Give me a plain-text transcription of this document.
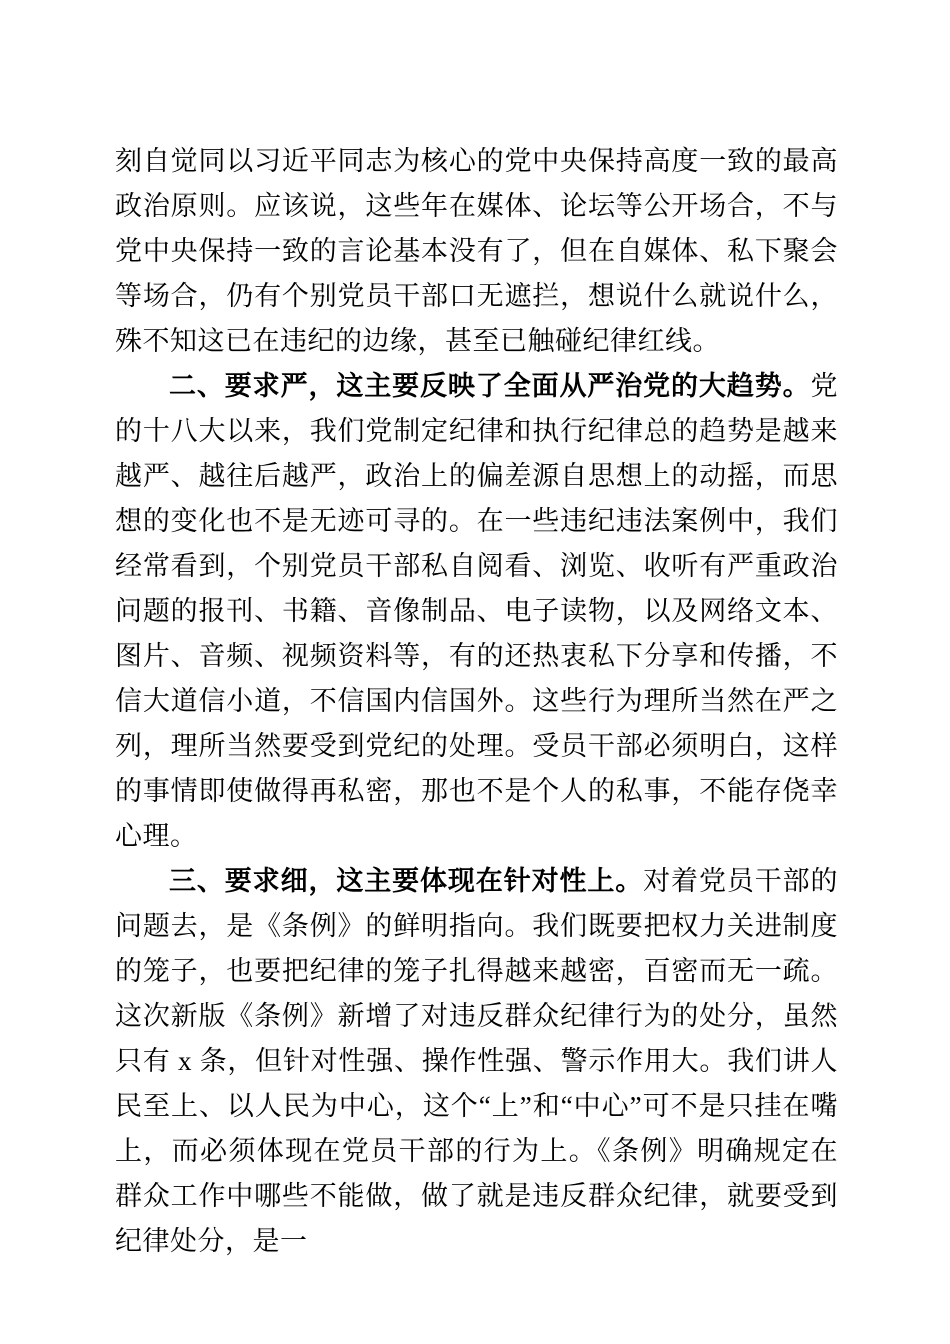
刻自觉同以习近平同志为核心的党中央保持高度一致的最高政治原则。应该说，这些年在媒体、论坛等公开场合，不与党中央保持一致的言论基本没有了，但在自媒体、私下聚会等场合，仍有个别党员干部口无遮拦，想说什么就说什么，殊不知这已在违纪的边缘，甚至已触碰纪律红线。

二、要求严，这主要反映了全面从严治党的大趋势。党的十八大以来，我们党制定纪律和执行纪律总的趋势是越来越严、越往后越严，政治上的偏差源自思想上的动摇，而思想的变化也不是无迹可寻的。在一些违纪违法案例中，我们经常看到，个别党员干部私自阅看、浏览、收听有严重政治问题的报刊、书籍、音像制品、电子读物，以及网络文本、图片、音频、视频资料等，有的还热衷私下分享和传播，不信大道信小道，不信国内信国外。这些行为理所当然在严之列，理所当然要受到党纪的处理。受员干部必须明白，这样的事情即使做得再私密，那也不是个人的私事，不能存侥幸心理。

三、要求细，这主要体现在针对性上。对着党员干部的问题去，是《条例》的鲜明指向。我们既要把权力关进制度的笼子，也要把纪律的笼子扎得越来越密，百密而无一疏。这次新版《条例》新增了对违反群众纪律行为的处分，虽然只有 x 条，但针对性强、操作性强、警示作用大。我们讲人民至上、以人民为中心，这个“上”和“中心”可不是只挂在嘴上，而必须体现在党员干部的行为上。《条例》明确规定在群众工作中哪些不能做，做了就是违反群众纪律，就要受到纪律处分，是一
